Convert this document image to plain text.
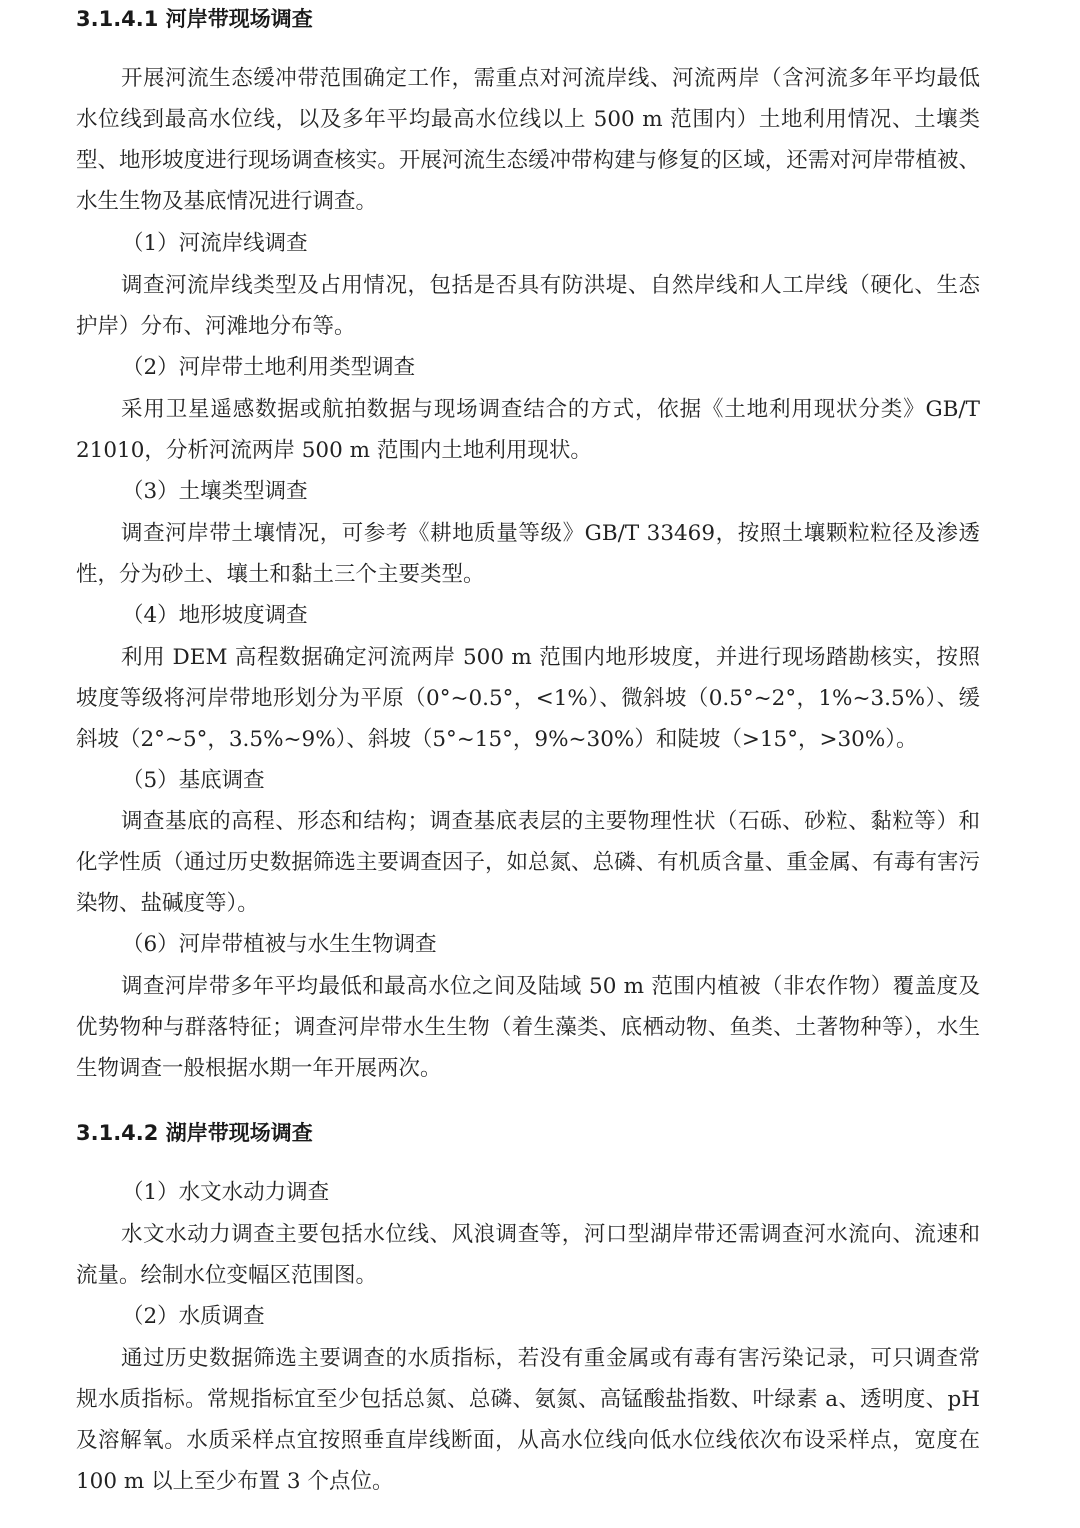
3.1.4.1 河岸带现场调查
开展河流生态缓冲带范围确定工作，需重点对河流岸线、河流两岸（含河流多年平均最低水位线到最高水位线，以及多年平均最高水位线以上 500 m 范围内）土地利用情况、土壤类型、地形坡度进行现场调查核实。开展河流生态缓冲带构建与修复的区域，还需对河岸带植被、水生生物及基底情况进行调查。
（1）河流岸线调查
调查河流岸线类型及占用情况，包括是否具有防洪堤、自然岸线和人工岸线（硬化、生态护岸）分布、河滩地分布等。
（2）河岸带土地利用类型调查
采用卫星遥感数据或航拍数据与现场调查结合的方式，依据《土地利用现状分类》GB/T 21010，分析河流两岸 500 m 范围内土地利用现状。
（3）土壤类型调查
调查河岸带土壤情况，可参考《耕地质量等级》GB/T 33469，按照土壤颗粒粒径及渗透性，分为砂土、壤土和黏土三个主要类型。
（4）地形坡度调查
利用 DEM 高程数据确定河流两岸 500 m 范围内地形坡度，并进行现场踏勘核实，按照坡度等级将河岸带地形划分为平原（0°~0.5°，<1%）、微斜坡（0.5°~2°，1%~3.5%）、缓斜坡（2°~5°，3.5%~9%）、斜坡（5°~15°，9%~30%）和陡坡（>15°，>30%）。
（5）基底调查
调查基底的高程、形态和结构；调查基底表层的主要物理性状（石砾、砂粒、黏粒等）和化学性质（通过历史数据筛选主要调查因子，如总氮、总磷、有机质含量、重金属、有毒有害污染物、盐碱度等）。
（6）河岸带植被与水生生物调查
调查河岸带多年平均最低和最高水位之间及陆域 50 m 范围内植被（非农作物）覆盖度及优势物种与群落特征；调查河岸带水生生物（着生藻类、底栖动物、鱼类、土著物种等），水生生物调查一般根据水期一年开展两次。
3.1.4.2 湖岸带现场调查
（1）水文水动力调查
水文水动力调查主要包括水位线、风浪调查等，河口型湖岸带还需调查河水流向、流速和流量。绘制水位变幅区范围图。
（2）水质调查
通过历史数据筛选主要调查的水质指标，若没有重金属或有毒有害污染记录，可只调查常规水质指标。常规指标宜至少包括总氮、总磷、氨氮、高锰酸盐指数、叶绿素 a、透明度、pH 及溶解氧。水质采样点宜按照垂直岸线断面，从高水位线向低水位线依次布设采样点，宽度在 100 m 以上至少布置 3 个点位。
